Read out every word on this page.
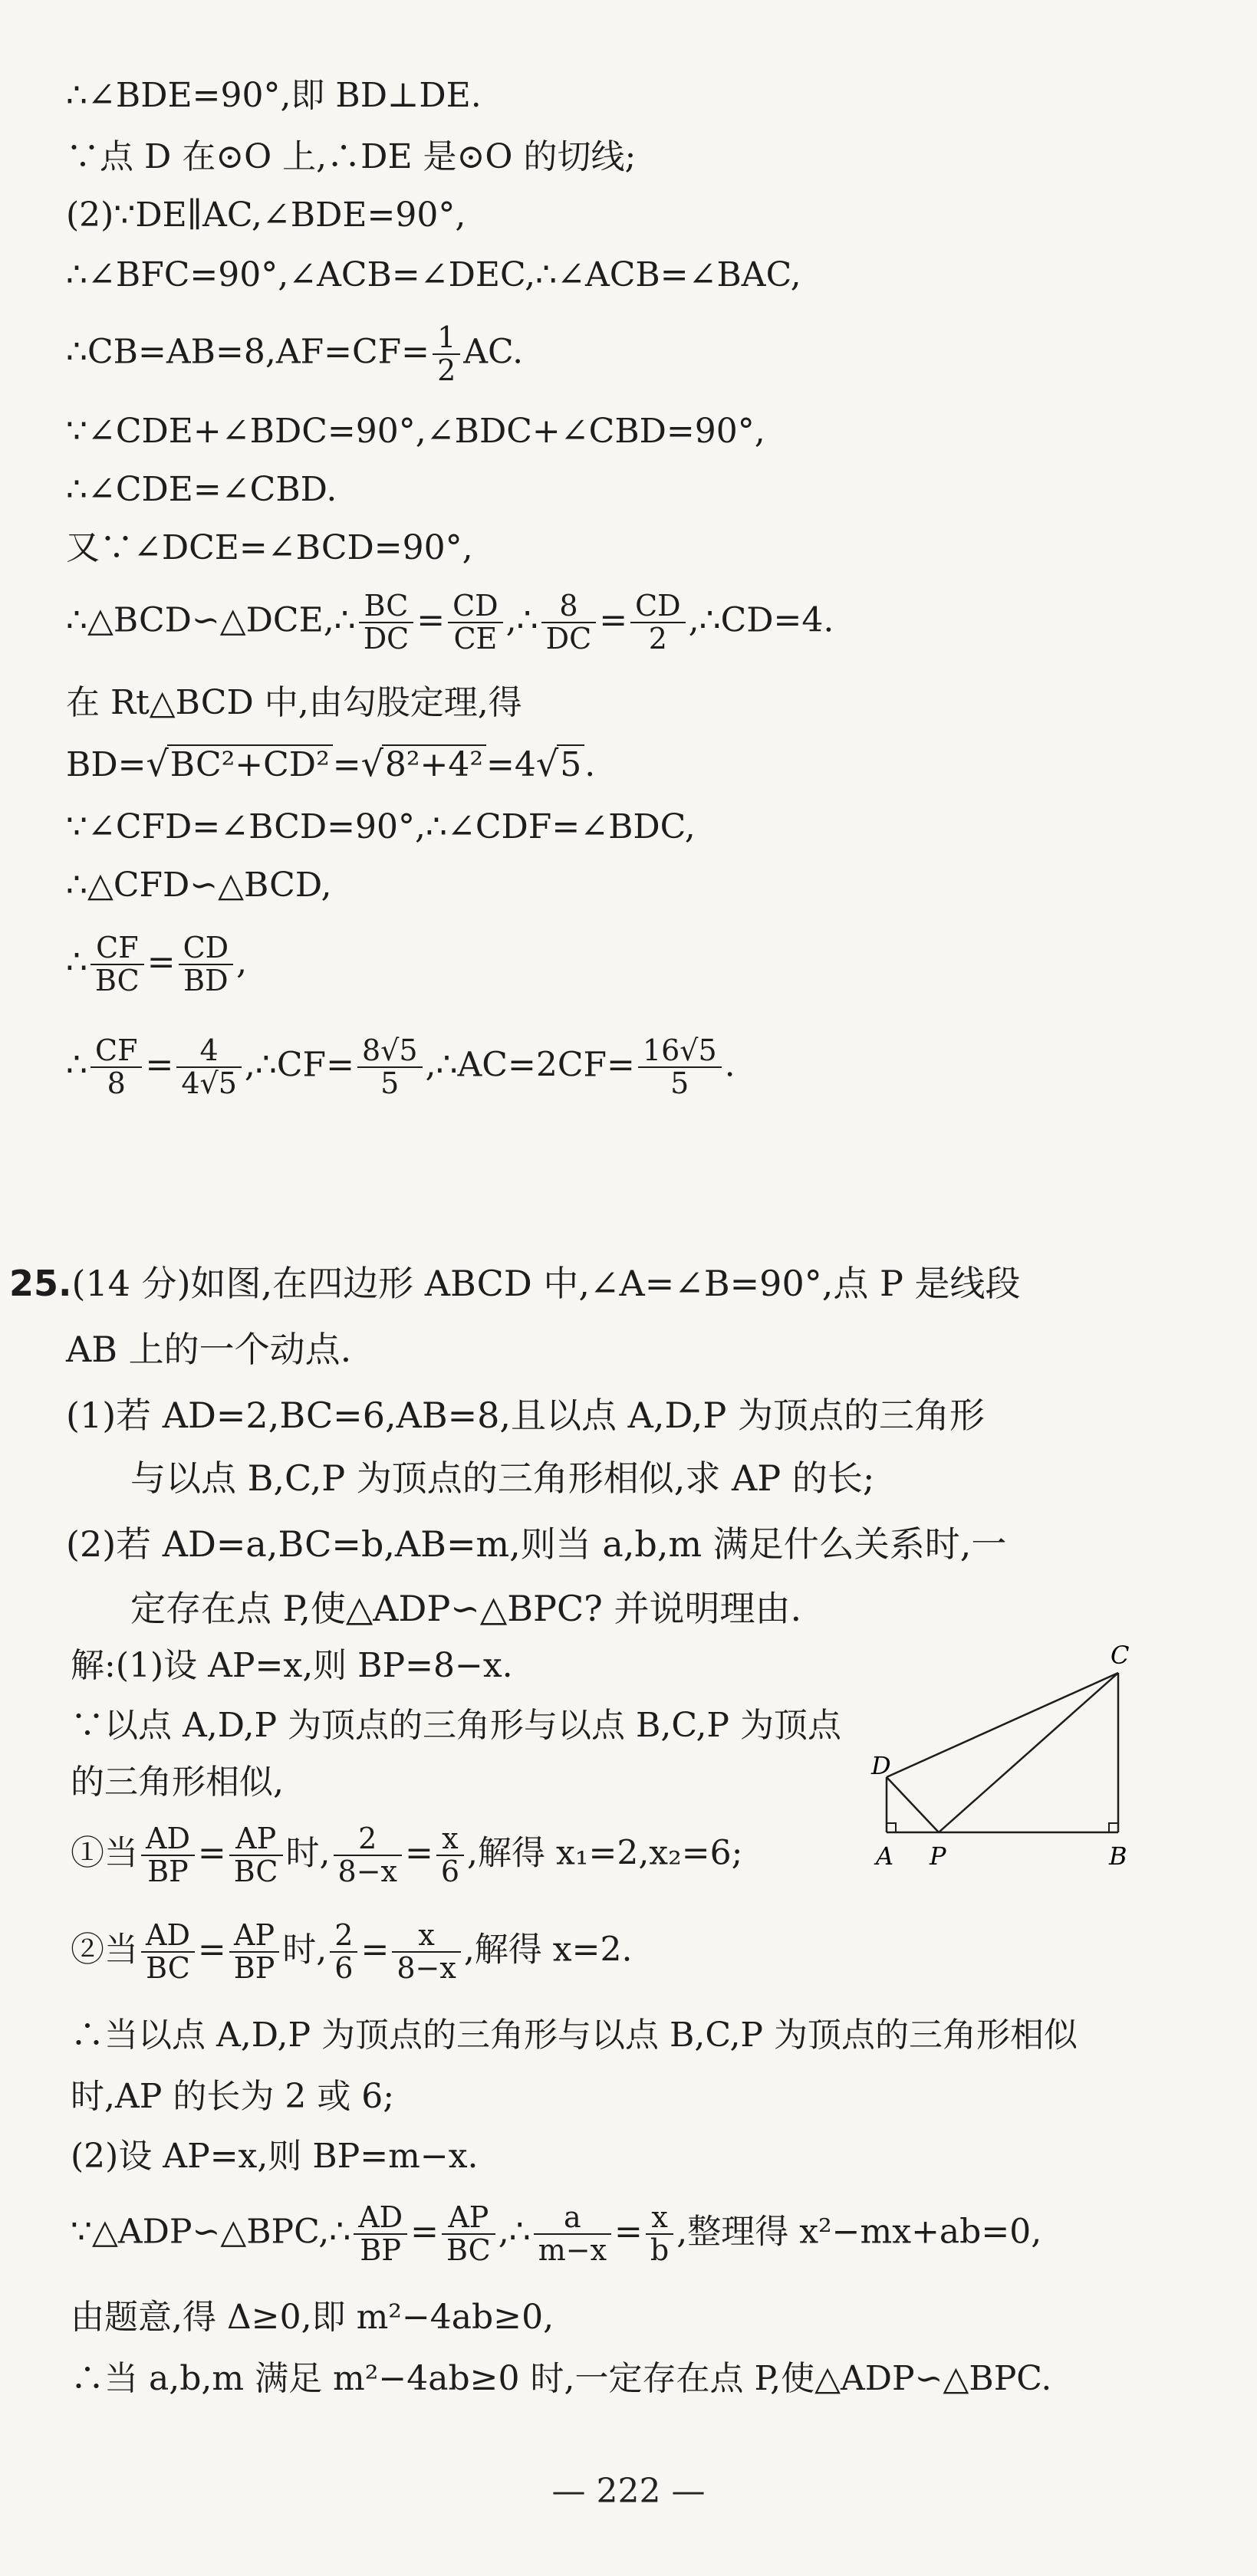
∴∠BDE=90°,即 BD⊥DE.
∵点 D 在⊙O 上,∴DE 是⊙O 的切线;
(2)∵DE∥AC,∠BDE=90°,
∴∠BFC=90°,∠ACB=∠DEC,∴∠ACB=∠BAC,
∴CB=AB=8,AF=CF= $\frac{1}{2}$ AC.
∵∠CDE+∠BDC=90°,∠BDC+∠CBD=90°,
∴∠CDE=∠CBD.
又∵∠DCE=∠BCD=90°,
∴△BCD∽△DCE,∴ $\frac{BC}{DC} = \frac{CD}{CE}$ ,∴ $\frac{8}{DC} = \frac{CD}{2}$ ,∴CD=4.
在 Rt△BCD 中,由勾股定理,得
BD=√BC²+CD²=√8²+4²=4√5.
∵∠CFD=∠BCD=90°,∴∠CDF=∠BDC,
∴△CFD∽△BCD,
∴ $\frac{CF}{BC} = \frac{CD}{BD}$ ,
∴ $\frac{CF}{8} = \frac{4}{4√5}$ ,∴CF= $\frac{8√5}{5}$ ,∴AC=2CF= $\frac{16√5}{5}$ .
25.(14 分)如图,在四边形 ABCD 中,∠A=∠B=90°,点 P 是线段
AB 上的一个动点.
(1)若 AD=2,BC=6,AB=8,且以点 A,D,P 为顶点的三角形
与以点 B,C,P 为顶点的三角形相似,求 AP 的长;
(2)若 AD=a,BC=b,AB=m,则当 a,b,m 满足什么关系时,一
定存在点 P,使△ADP∽△BPC? 并说明理由.
解:(1)设 AP=x,则 BP=8−x.
∵以点 A,D,P 为顶点的三角形与以点 B,C,P 为顶点
的三角形相似,
①当 $\frac{AD}{BP} = \frac{AP}{BC}$ 时, $\frac{2}{8-x} = \frac{x}{6}$ ,解得 x₁=2,x₂=6;
②当 $\frac{AD}{BC} = \frac{AP}{BP}$ 时, $\frac{2}{6} = \frac{x}{8-x}$ ,解得 x=2.
∴当以点 A,D,P 为顶点的三角形与以点 B,C,P 为顶点的三角形相似
时,AP 的长为 2 或 6;
(2)设 AP=x,则 BP=m−x.
∵△ADP∽△BPC,∴ $\frac{AD}{BP} = \frac{AP}{BC}$ ,∴ $\frac{a}{m-x} = \frac{x}{b}$ ,整理得 x²−mx+ab=0,
由题意,得 Δ≥0,即 m²−4ab≥0,
∴当 a,b,m 满足 m²−4ab≥0 时,一定存在点 P,使△ADP∽△BPC.
A P	B
C
D
— 222 —
